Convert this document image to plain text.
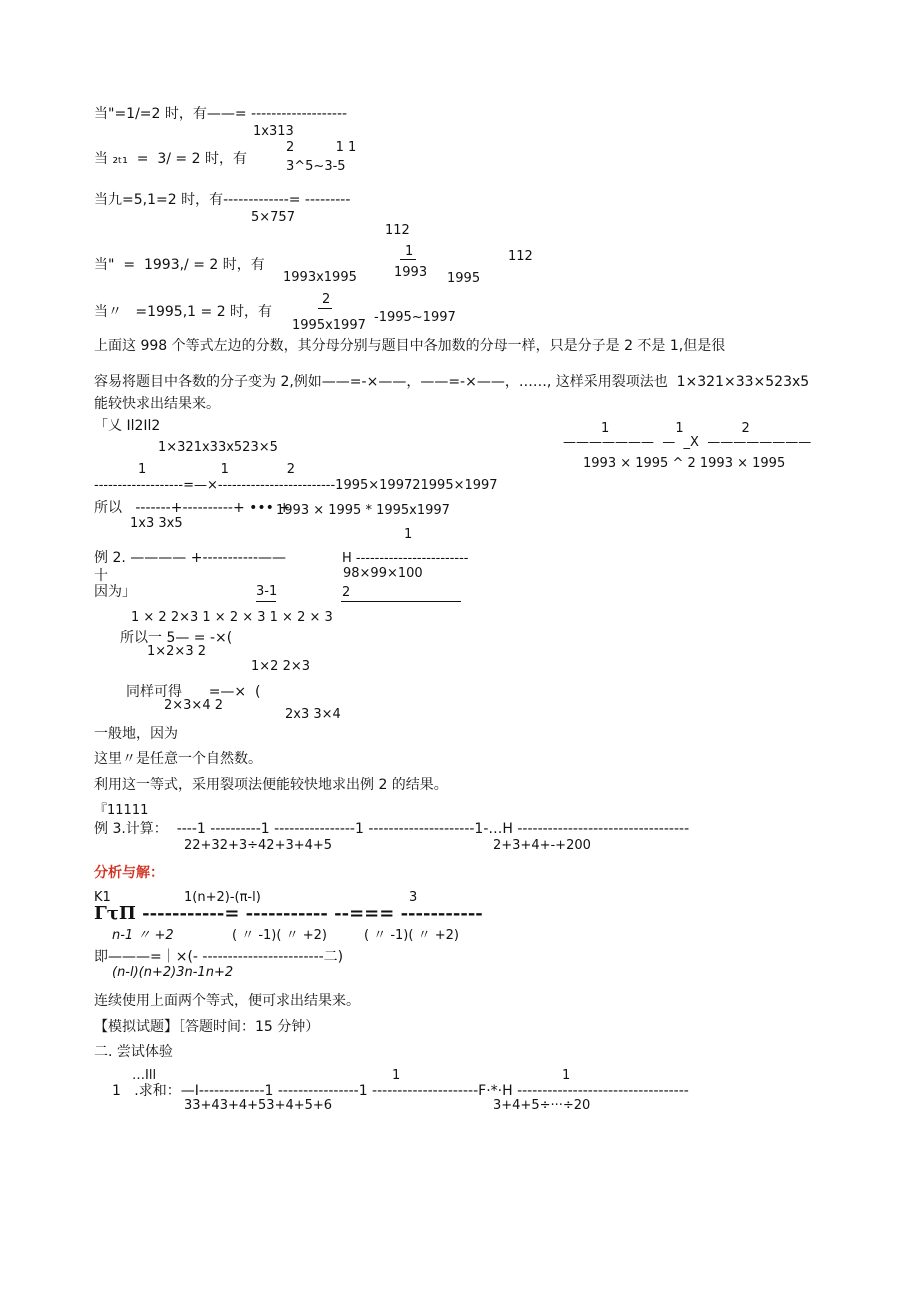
当"=1/=2 时，有——= -------------------
1x313
2          1 1
当 ₂ₜ₁  =  3/ = 2 时，有	3^5~3-5
当九=5,1=2 时，有-------------= ---------
5×757
1
当"  =  1993,/ = 2 时，有
1993x1995	1993 1995
112
112
2
当〃   =1995,1 = 2 时，有
1995x1997
-1995~1997
上面这 998 个等式左边的分数，其分母分别与题目中各加数的分母一样，只是分子是 2 不是 1,但是很
容易将题目中各数的分子变为 2,例如——=-×——，——=-×——，……, 这样采用裂项法也  1×321×33×523x5
能较快求出结果来。
「乂 Il2Il2
1×321x33x523×5
1                  1              2
-------------------=—×-------------------------1995×199721995×1997
1                1              2
———————  —  _X  ————————
1993 × 1995 ^ 2 1993 × 1995
所以   -------+----------+ ••• +
1993 × 1995 * 1995x1997
1x3 3x5
1
例 2. ———— +-----------——	H ------------------------
十	98×99×100
因为」	3-1	2
1 × 2 2×3 1 × 2 × 3 1 × 2 × 3
所以一 5— = -×(
1×2×3 2
1×2 2×3
同样可得      =—×  (
2×3×4 2
2x3 3×4
一般地，因为
这里〃是任意一个自然数。
利用这一等式，采用裂项法便能较快地求出例 2 的结果。
『11111
例 3.计算：  ----1 ----------1 ----------------1 ---------------------1-…H ----------------------------------
22+32+3÷42+3+4+5	2+3+4+-+200
分析与解：
K1	1(n+2)-(π-l)	3
ΓτΠ -----------= ----------- --=== -----------
n-1 〃 +2	( 〃 -1)( 〃 +2)	( 〃 -1)( 〃 +2)
即———=｜×(- ------------------------二)
(n-l)(n+2)3n-1n+2
连续使用上面两个等式，便可求出结果来。
【模拟试题】［答题时间：15 分钟）
二. 尝试体验
…Ill	1	1
1   .求和：—I-------------1 ----------------1 ---------------------F·*·H ----------------------------------
33+43+4+53+4+5+6	3+4+5÷···÷20
